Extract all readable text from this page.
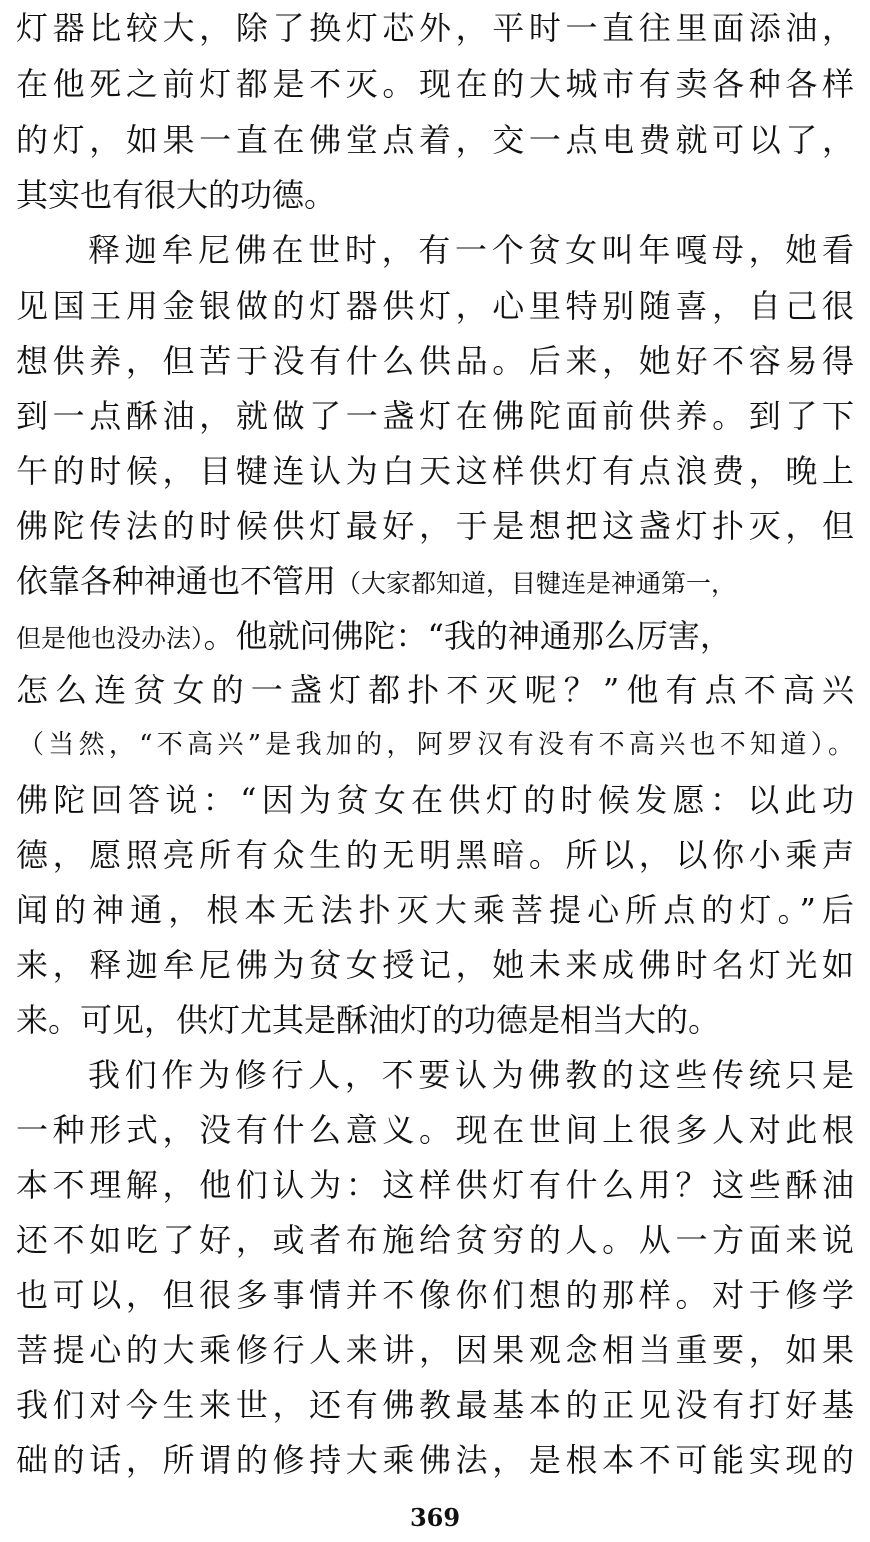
灯器比较大，除了换灯芯外，平时一直往里面添油，
在他死之前灯都是不灭。现在的大城市有卖各种各样
的灯，如果一直在佛堂点着，交一点电费就可以了，
其实也有很大的功德。
释迦牟尼佛在世时，有一个贫女叫年嘎母，她看
见国王用金银做的灯器供灯，心里特别随喜，自己很
想供养，但苦于没有什么供品。后来，她好不容易得
到一点酥油，就做了一盏灯在佛陀面前供养。到了下
午的时候，目犍连认为白天这样供灯有点浪费，晚上
佛陀传法的时候供灯最好，于是想把这盏灯扑灭，但
依靠各种神通也不管用（大家都知道，目犍连是神通第一，
但是他也没办法）。他就问佛陀：“我的神通那么厉害，
怎么连贫女的一盏灯都扑不灭呢？”他有点不高兴
（当然，“不高兴”是我加的，阿罗汉有没有不高兴也不知道）。
佛陀回答说：“因为贫女在供灯的时候发愿：以此功
德，愿照亮所有众生的无明黑暗。所以，以你小乘声
闻的神通，根本无法扑灭大乘菩提心所点的灯。”后
来，释迦牟尼佛为贫女授记，她未来成佛时名灯光如
来。可见，供灯尤其是酥油灯的功德是相当大的。
我们作为修行人，不要认为佛教的这些传统只是
一种形式，没有什么意义。现在世间上很多人对此根
本不理解，他们认为：这样供灯有什么用？这些酥油
还不如吃了好，或者布施给贫穷的人。从一方面来说
也可以，但很多事情并不像你们想的那样。对于修学
菩提心的大乘修行人来讲，因果观念相当重要，如果
我们对今生来世，还有佛教最基本的正见没有打好基
础的话，所谓的修持大乘佛法，是根本不可能实现的
369
